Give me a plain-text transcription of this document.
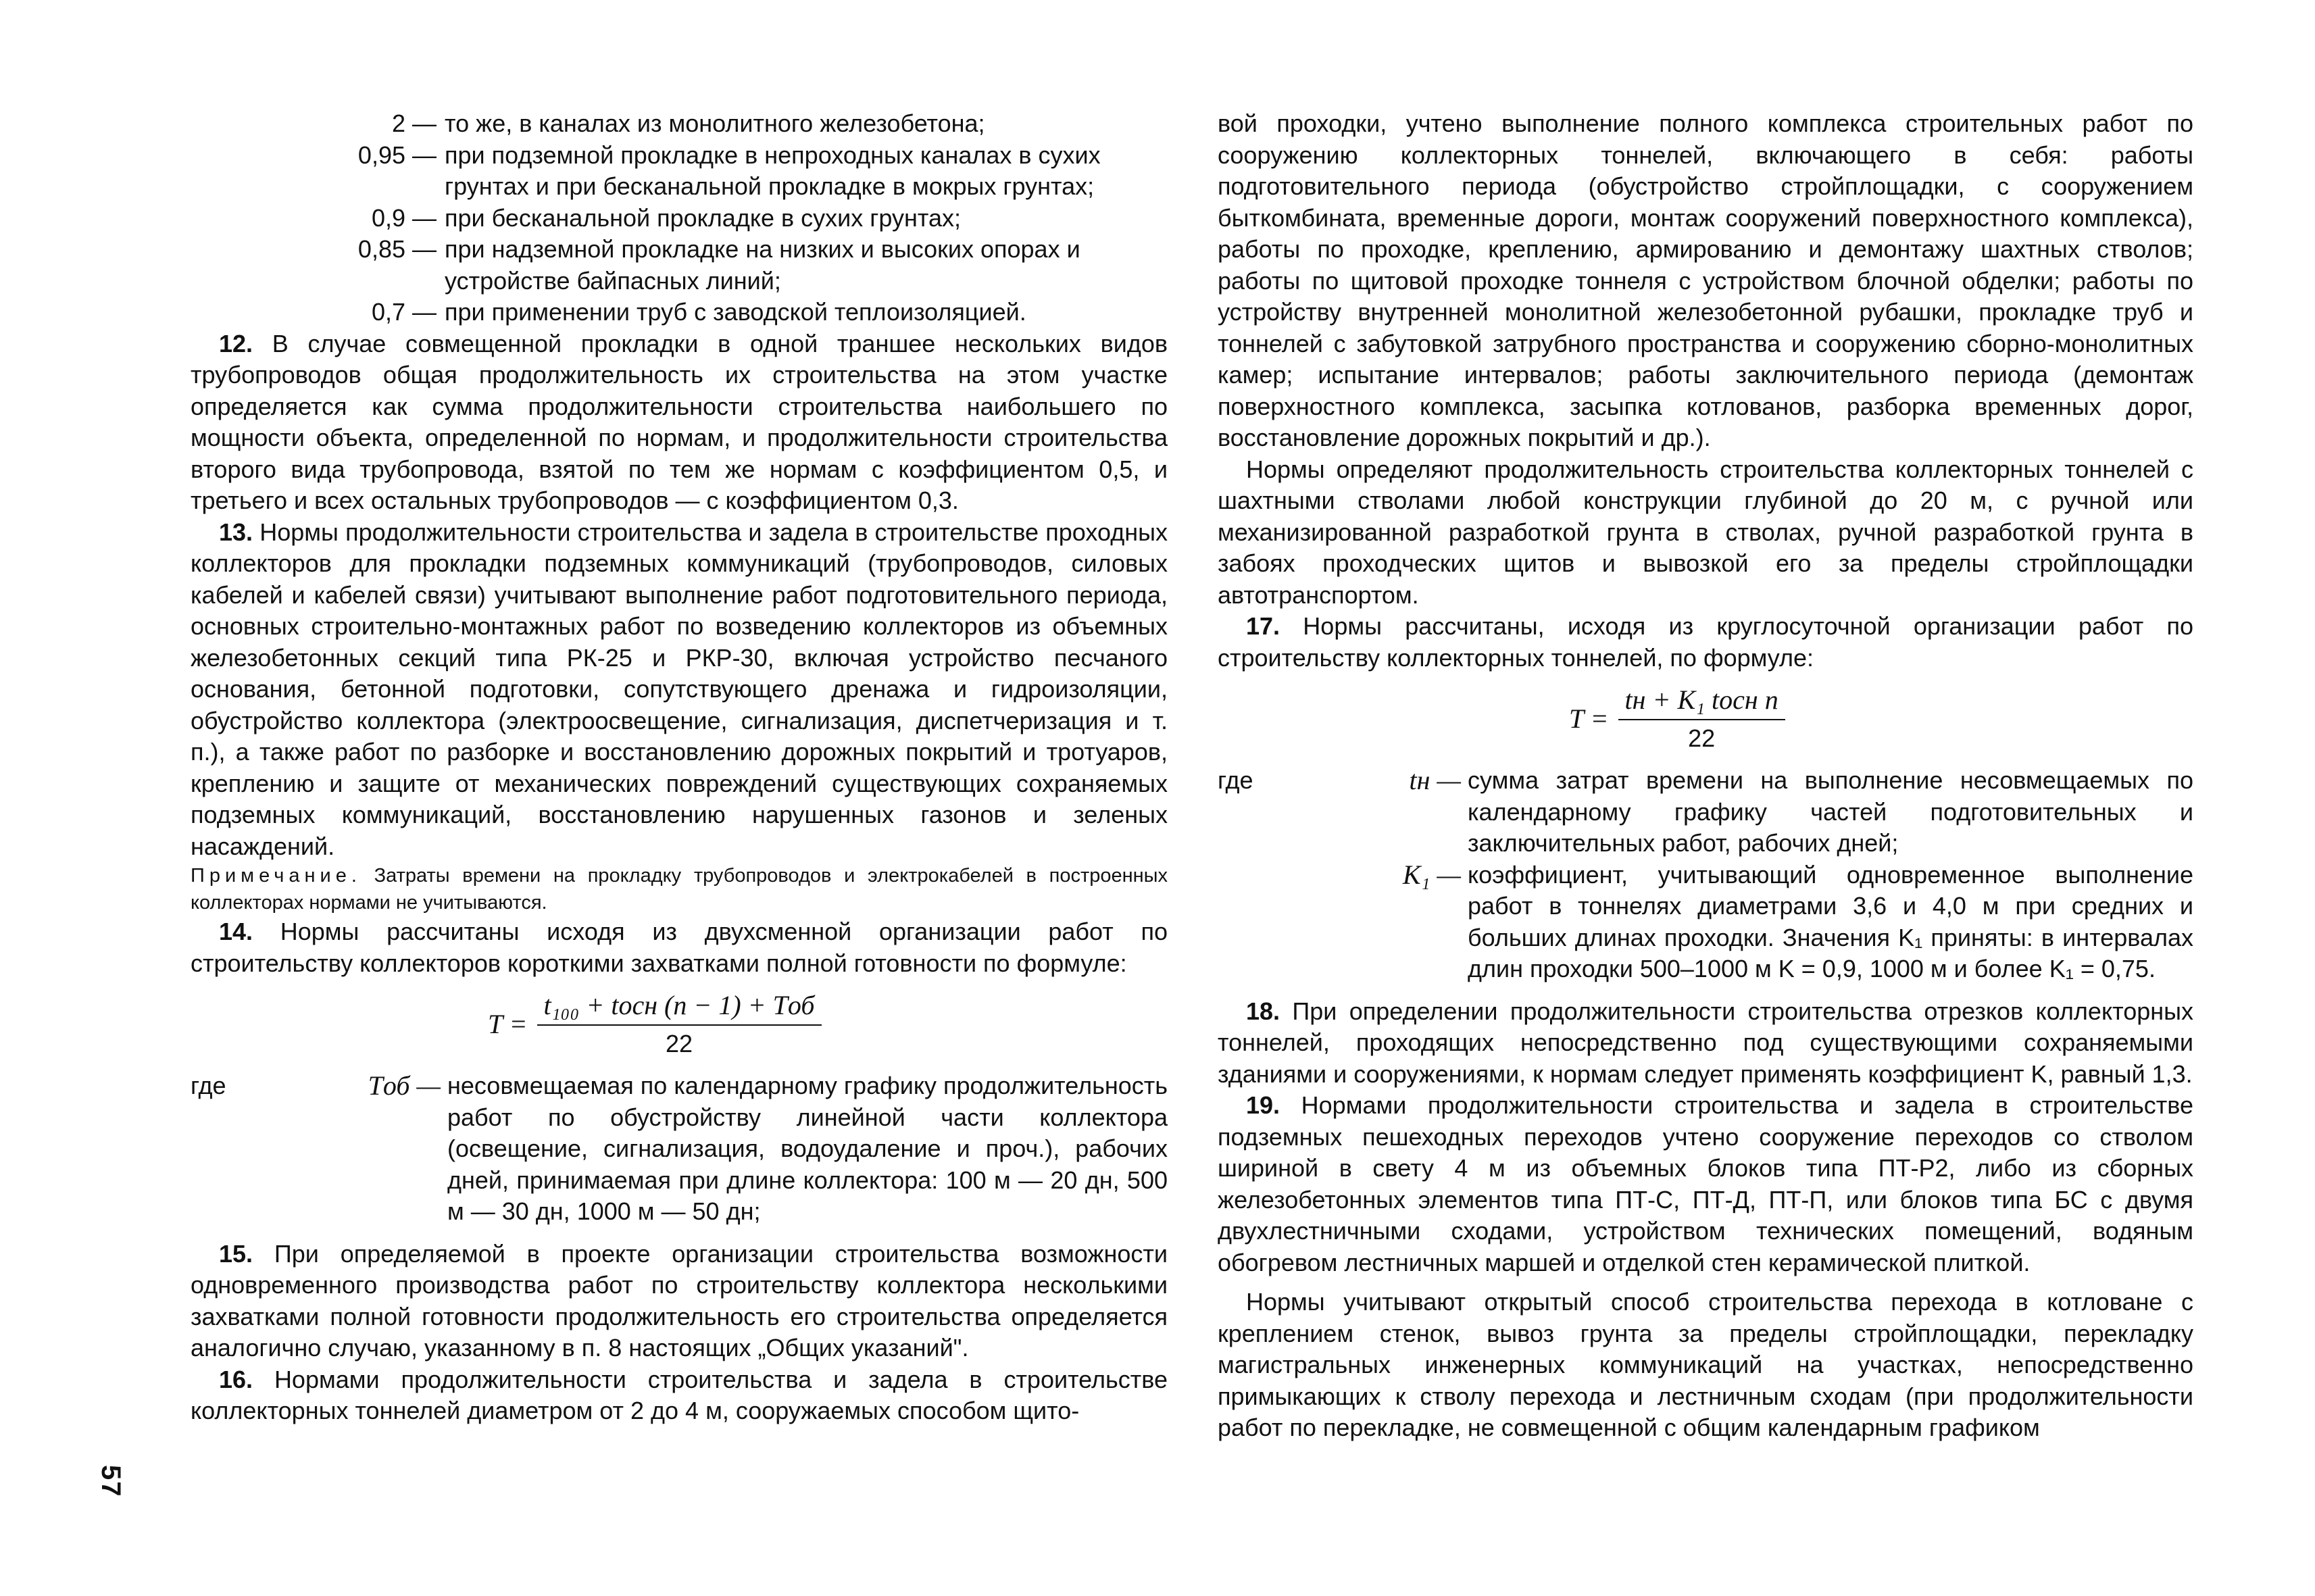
2 — то же, в каналах из монолитного железобетона;
0,95 — при подземной прокладке в непроходных каналах в сухих грунтах и при бесканальной прокладке в мокрых грунтах;
0,9 — при бесканальной прокладке в сухих грунтах;
0,85 — при надземной прокладке на низких и высоких опорах и устройстве байпасных линий;
0,7 — при применении труб с заводской теплоизоляцией.

12. В случае совмещенной прокладки в одной траншее нескольких видов трубопроводов общая продолжительность их строительства на этом участке определяется как сумма продолжительности строительства наибольшего по мощности объекта, определенной по нормам, и продолжительности строительства второго вида трубопровода, взятой по тем же нормам с коэффициентом 0,5, и третьего и всех остальных трубопроводов — с коэффициентом 0,3.

13. Нормы продолжительности строительства и задела в строительстве проходных коллекторов для прокладки подземных коммуникаций (трубопроводов, силовых кабелей и кабелей связи) учитывают выполнение работ подготовительного периода, основных строительно-монтажных работ по возведению коллекторов из объемных железобетонных секций типа РК-25 и РКР-30, включая устройство песчаного основания, бетонной подготовки, сопутствующего дренажа и гидроизоляции, обустройство коллектора (электроосвещение, сигнализация, диспетчеризация и т. п.), а также работ по разборке и восстановлению дорожных покрытий и тротуаров, креплению и защите от механических повреждений существующих сохраняемых подземных коммуникаций, восстановлению нарушенных газонов и зеленых насаждений.

Примечание. Затраты времени на прокладку трубопроводов и электрокабелей в построенных коллекторах нормами не учитываются.

14. Нормы рассчитаны исходя из двухсменной организации работ по строительству коллекторов короткими захватками полной готовности по формуле:

$T = \frac{\text{t₁₀₀ + tосн (n − 1) + Tоб}}{22}$
где	Tоб — несовмещаемая по календарному графику продолжительность работ по обустройству линейной части коллектора (освещение, сигнализация, водоудаление и проч.), рабочих дней, принимаемая при длине коллектора: 100 м — 20 дн, 500 м — 30 дн, 1000 м — 50 дн;

15. При определяемой в проекте организации строительства возможности одновременного производства работ по строительству коллектора несколькими захватками полной готовности продолжительность его строительства определяется аналогично случаю, указанному в п. 8 настоящих „Общих указаний".

16. Нормами продолжительности строительства и задела в строительстве коллекторных тоннелей диаметром от 2 до 4 м, сооружаемых способом щито-

вой проходки, учтено выполнение полного комплекса строительных работ по сооружению коллекторных тоннелей, включающего в себя: работы подготовительного периода (обустройство стройплощадки, с сооружением быткомбината, временные дороги, монтаж сооружений поверхностного комплекса), работы по проходке, креплению, армированию и демонтажу шахтных стволов; работы по щитовой проходке тоннеля с устройством блочной обделки; работы по устройству внутренней монолитной железобетонной рубашки, прокладке труб и тоннелей с забутовкой затрубного пространства и сооружению сборно-монолитных камер; испытание интервалов; работы заключительного периода (демонтаж поверхностного комплекса, засыпка котлованов, разборка временных дорог, восстановление дорожных покрытий и др.).

Нормы определяют продолжительность строительства коллекторных тоннелей с шахтными стволами любой конструкции глубиной до 20 м, с ручной или механизированной разработкой грунта в стволах, ручной разработкой грунта в забоях проходческих щитов и вывозкой его за пределы стройплощадки автотранспортом.

17. Нормы рассчитаны, исходя из круглосуточной организации работ по строительству коллекторных тоннелей, по формуле:

$T = \frac{\text{tн + K₁ tосн n}}{22}$
где	tн — сумма затрат времени на выполнение несовмещаемых по календарному графику частей подготовительных и заключительных работ, рабочих дней;
K₁ — коэффициент, учитывающий одновременное выполнение работ в тоннелях диаметрами 3,6 и 4,0 м при средних и больших длинах проходки. Значения K₁ приняты: в интервалах длин проходки 500–1000 м K = 0,9, 1000 м и более K₁ = 0,75.

18. При определении продолжительности строительства отрезков коллекторных тоннелей, проходящих непосредственно под существующими сохраняемыми зданиями и сооружениями, к нормам следует применять коэффициент K, равный 1,3.

19. Нормами продолжительности строительства и задела в строительстве подземных пешеходных переходов учтено сооружение переходов со стволом шириной в свету 4 м из объемных блоков типа ПТ-Р2, либо из сборных железобетонных элементов типа ПТ-С, ПТ-Д, ПТ-П, или блоков типа БС с двумя двухлестничными сходами, устройством технических помещений, водяным обогревом лестничных маршей и отделкой стен керамической плиткой.

Нормы учитывают открытый способ строительства перехода в котловане с креплением стенок, вывоз грунта за пределы стройплощадки, перекладку магистральных инженерных коммуникаций на участках, непосредственно примыкающих к стволу перехода и лестничным сходам (при продолжительности работ по перекладке, не совмещенной с общим календарным графиком

57
